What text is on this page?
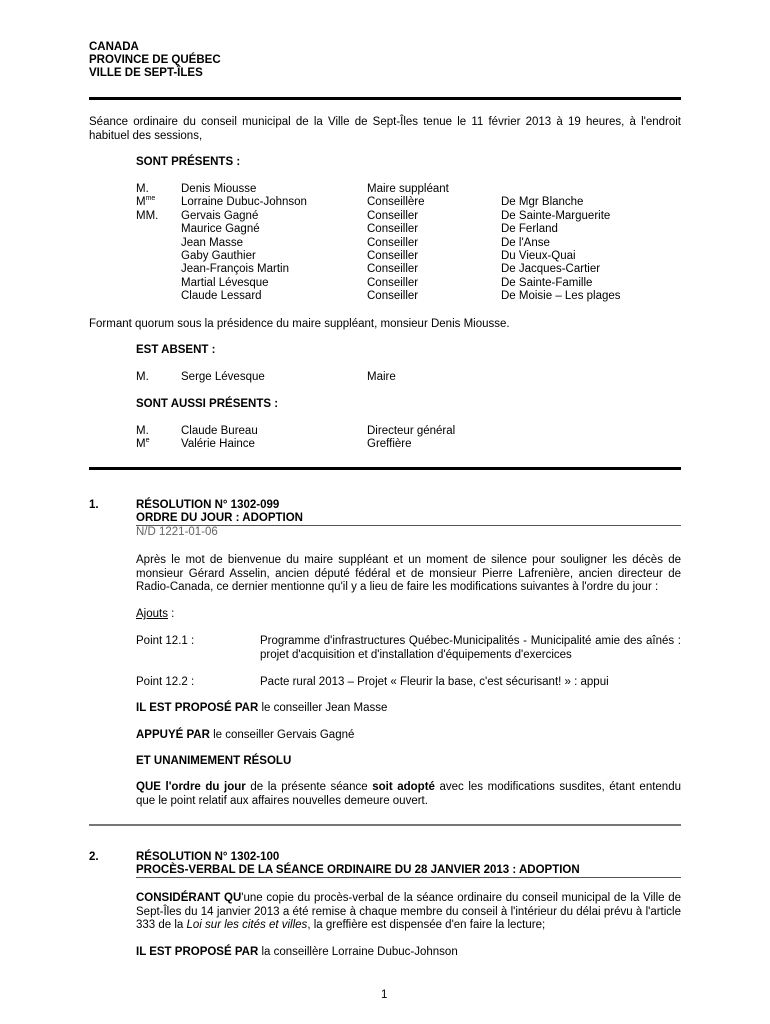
CANADA
PROVINCE DE QUÉBEC
VILLE DE SEPT-ÎLES
Séance ordinaire du conseil municipal de la Ville de Sept-Îles tenue le 11 février 2013 à 19 heures, à l'endroit habituel des sessions,
SONT PRÉSENTS :
M.	Denis Miousse	Maire suppléant
$M^{me}$ Lorraine Dubuc-Johnson	Conseillère	De Mgr Blanche
MM. Gervais Gagné	Conseiller	De Sainte-Marguerite
Maurice Gagné	Conseiller	De Ferland
Jean Masse	Conseiller	De l'Anse
Gaby Gauthier	Conseiller	Du Vieux-Quai
Jean-François Martin	Conseiller	De Jacques-Cartier
Martial Lévesque	Conseiller	De Sainte-Famille
Claude Lessard	Conseiller	De Moisie – Les plages
Formant quorum sous la présidence du maire suppléant, monsieur Denis Miousse.
EST ABSENT :
M.	Serge Lévesque	Maire
SONT AUSSI PRÉSENTS :
M.	Claude Bureau	Directeur général
Me	Valérie Haince	Greffière
1.	RÉSOLUTION N° 1302-099
ORDRE DU JOUR : ADOPTION
N/D 1221-01-06
Après le mot de bienvenue du maire suppléant et un moment de silence pour souligner les décès de monsieur Gérard Asselin, ancien député fédéral et de monsieur Pierre Lafrenière, ancien directeur de Radio-Canada, ce dernier mentionne qu'il y a lieu de faire les modifications suivantes à l'ordre du jour :
Ajouts :
Point 12.1 :	Programme d'infrastructures Québec-Municipalités - Municipalité amie des aînés : projet d'acquisition et d'installation d'équipements d'exercices
Point 12.2 :	Pacte rural 2013 – Projet « Fleurir la base, c'est sécurisant! » : appui
IL EST PROPOSÉ PAR le conseiller Jean Masse
APPUYÉ PAR le conseiller Gervais Gagné
ET UNANIMEMENT RÉSOLU
QUE l'ordre du jour de la présente séance soit adopté avec les modifications susdites, étant entendu que le point relatif aux affaires nouvelles demeure ouvert.
2.	RÉSOLUTION N° 1302-100
PROCÈS-VERBAL DE LA SÉANCE ORDINAIRE DU 28 JANVIER 2013 : ADOPTION
CONSIDÉRANT QU'une copie du procès-verbal de la séance ordinaire du conseil municipal de la Ville de Sept-Îles du 14 janvier 2013 a été remise à chaque membre du conseil à l'intérieur du délai prévu à l'article 333 de la Loi sur les cités et villes, la greffière est dispensée d'en faire la lecture;
IL EST PROPOSÉ PAR la conseillère Lorraine Dubuc-Johnson
1
